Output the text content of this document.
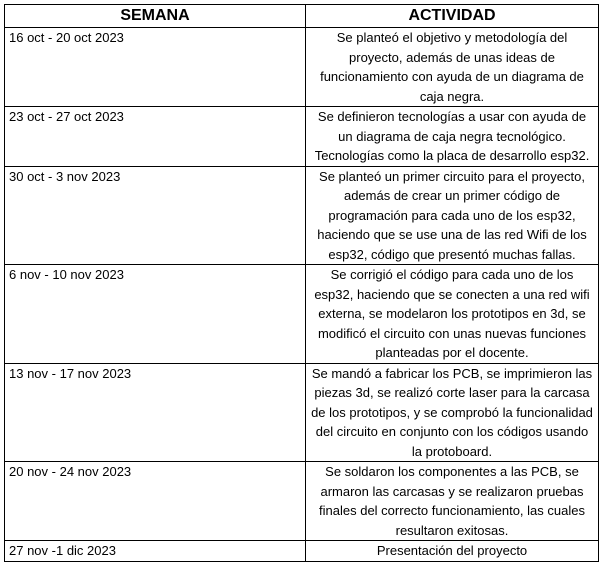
SEMANA	ACTIVIDAD
16 oct - 20 oct 2023	Se planteó el objetivo y metodología del proyecto, además de unas ideas de funcionamiento con ayuda de un diagrama de caja negra.
23 oct - 27 oct 2023	Se definieron tecnologías a usar con ayuda de un diagrama de caja negra tecnológico. Tecnologías como la placa de desarrollo esp32.
30 oct - 3 nov 2023	Se planteó un primer circuito para el proyecto, además de crear un primer código de programación para cada uno de los esp32, haciendo que se use una de las red Wifi de los esp32, código que presentó muchas fallas.
6 nov - 10 nov 2023	Se corrigió el código para cada uno de los esp32, haciendo que se conecten a una red wifi externa, se modelaron los prototipos en 3d, se modificó el circuito con unas nuevas funciones planteadas por el docente.
13 nov - 17 nov 2023	Se mandó a fabricar los PCB, se imprimieron las piezas 3d, se realizó corte laser para la carcasa de los prototipos, y se comprobó la funcionalidad del circuito en conjunto con los códigos usando la protoboard.
20 nov - 24 nov 2023	Se soldaron los componentes a las PCB, se armaron las carcasas y se realizaron pruebas finales del correcto funcionamiento, las cuales resultaron exitosas.
27 nov -1 dic 2023	Presentación del proyecto
